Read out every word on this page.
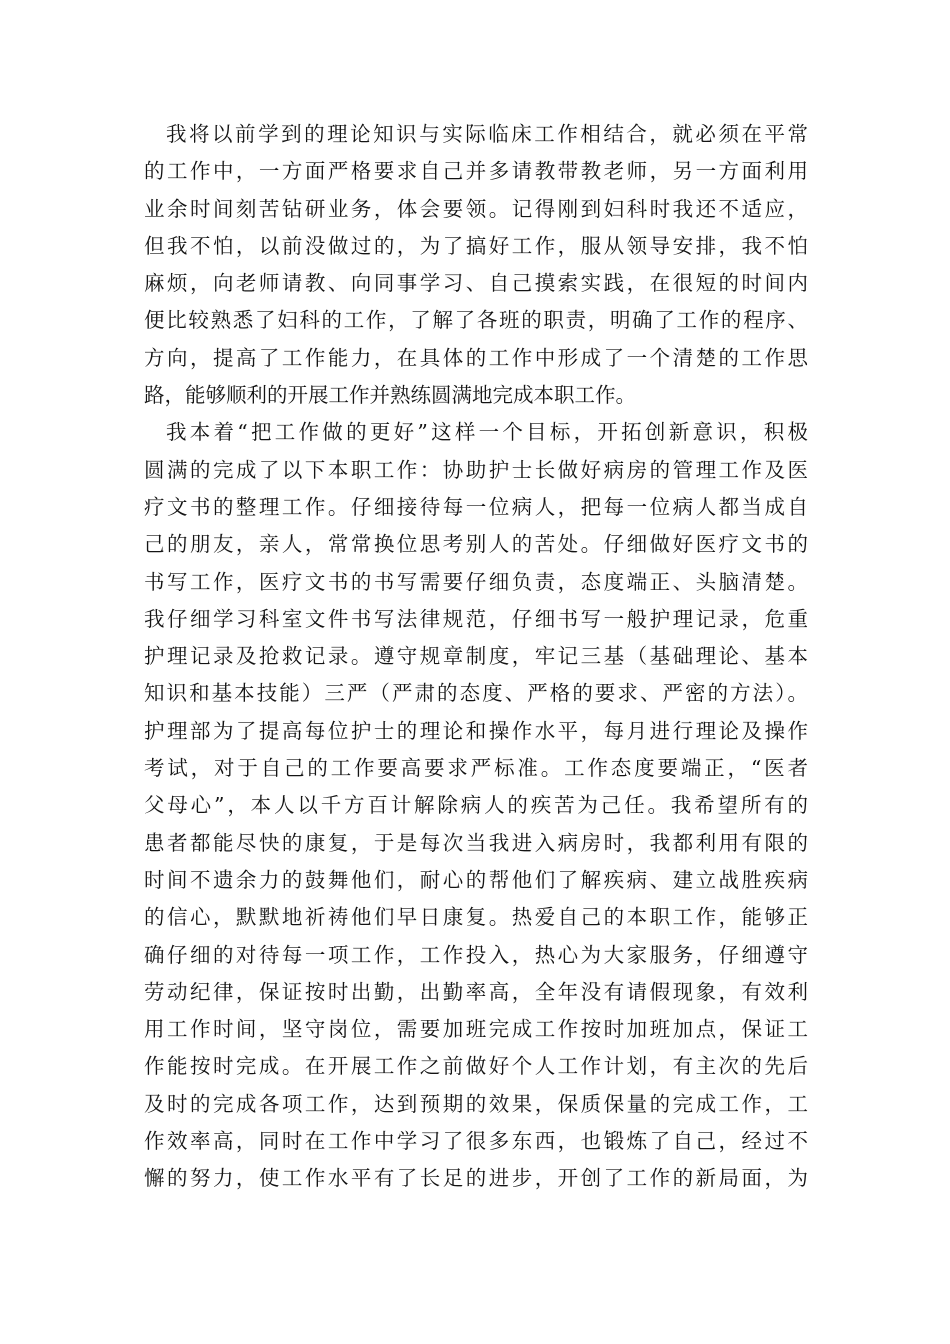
我将以前学到的理论知识与实际临床工作相结合，就必须在平常
的工作中，一方面严格要求自己并多请教带教老师，另一方面利用
业余时间刻苦钻研业务，体会要领。记得刚到妇科时我还不适应，
但我不怕，以前没做过的，为了搞好工作，服从领导安排，我不怕
麻烦，向老师请教、向同事学习、自己摸索实践，在很短的时间内
便比较熟悉了妇科的工作，了解了各班的职责，明确了工作的程序、
方向，提高了工作能力，在具体的工作中形成了一个清楚的工作思
路，能够顺利的开展工作并熟练圆满地完成本职工作。
我本着“把工作做的更好”这样一个目标，开拓创新意识，积极
圆满的完成了以下本职工作：协助护士长做好病房的管理工作及医
疗文书的整理工作。仔细接待每一位病人，把每一位病人都当成自
己的朋友，亲人，常常换位思考别人的苦处。仔细做好医疗文书的
书写工作，医疗文书的书写需要仔细负责，态度端正、头脑清楚。
我仔细学习科室文件书写法律规范，仔细书写一般护理记录，危重
护理记录及抢救记录。遵守规章制度，牢记三基（基础理论、基本
知识和基本技能）三严（严肃的态度、严格的要求、严密的方法）。
护理部为了提高每位护士的理论和操作水平，每月进行理论及操作
考试，对于自己的工作要高要求严标准。工作态度要端正，“医者
父母心”，本人以千方百计解除病人的疾苦为己任。我希望所有的
患者都能尽快的康复，于是每次当我进入病房时，我都利用有限的
时间不遗余力的鼓舞他们，耐心的帮他们了解疾病、建立战胜疾病
的信心，默默地祈祷他们早日康复。热爱自己的本职工作，能够正
确仔细的对待每一项工作，工作投入，热心为大家服务，仔细遵守
劳动纪律，保证按时出勤，出勤率高，全年没有请假现象，有效利
用工作时间，坚守岗位，需要加班完成工作按时加班加点，保证工
作能按时完成。在开展工作之前做好个人工作计划，有主次的先后
及时的完成各项工作，达到预期的效果，保质保量的完成工作，工
作效率高，同时在工作中学习了很多东西，也锻炼了自己，经过不
懈的努力，使工作水平有了长足的进步，开创了工作的新局面，为
